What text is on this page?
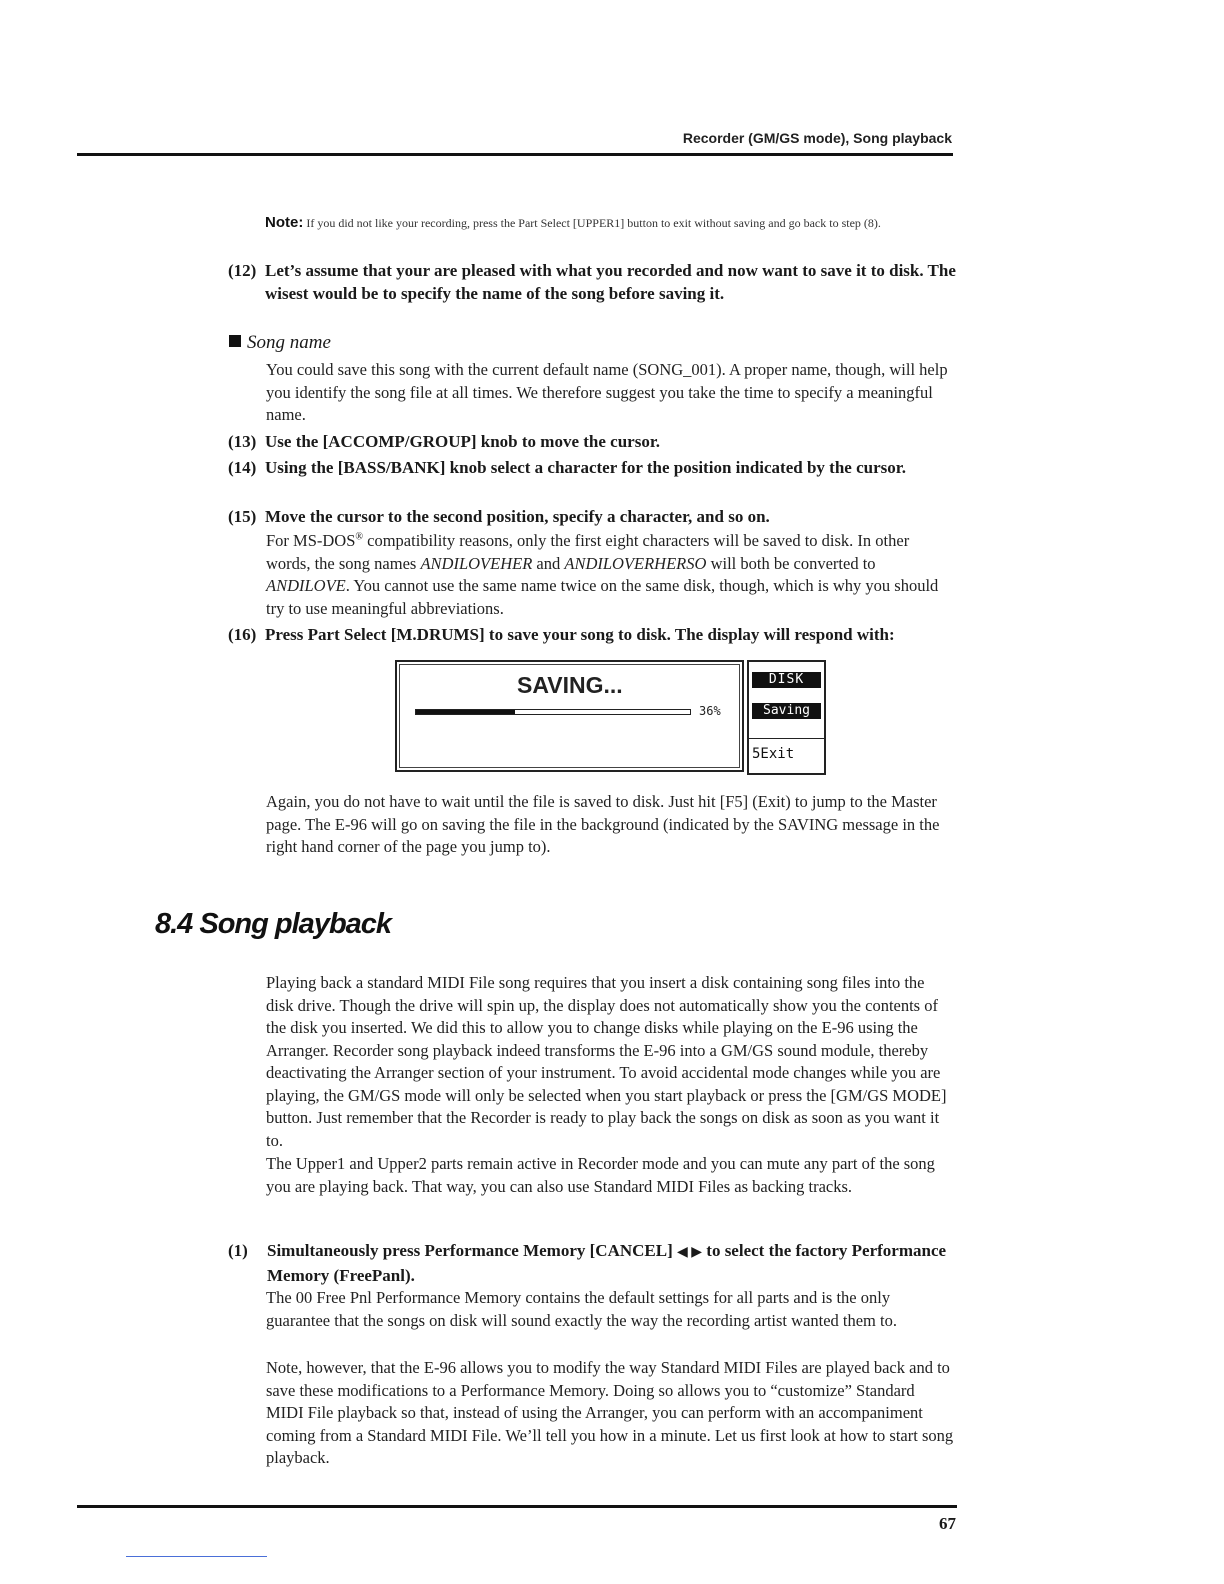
Recorder (GM/GS mode), Song playback
Note: If you did not like your recording, press the Part Select [UPPER1] button to exit without saving and go back to step (8).
(12) Let’s assume that your are pleased with what you recorded and now want to save it to disk. The wisest would be to specify the name of the song before saving it.
Song name
You could save this song with the current default name (SONG_001). A proper name, though, will help you identify the song file at all times. We therefore suggest you take the time to specify a meaningful name.
(13) Use the [ACCOMP/GROUP] knob to move the cursor.
(14) Using the [BASS/BANK] knob select a character for the position indicated by the cursor.
(15) Move the cursor to the second position, specify a character, and so on.
For MS-DOS® compatibility reasons, only the first eight characters will be saved to disk. In other words, the song names ANDILOVEHER and ANDILOVERHERSO will both be converted to ANDILOVE. You cannot use the same name twice on the same disk, though, which is why you should try to use meaningful abbreviations.
(16) Press Part Select [M.DRUMS] to save your song to disk. The display will respond with:
SAVING...
36%
DISK
Saving
5Exit
Again, you do not have to wait until the file is saved to disk. Just hit [F5] (Exit) to jump to the Master page. The E-96 will go on saving the file in the background (indicated by the SAVING message in the right hand corner of the page you jump to).
8.4 Song playback
Playing back a standard MIDI File song requires that you insert a disk containing song files into the disk drive. Though the drive will spin up, the display does not automatically show you the contents of the disk you inserted. We did this to allow you to change disks while playing on the E-96 using the Arranger. Recorder song playback indeed transforms the E-96 into a GM/GS sound module, thereby deactivating the Arranger section of your instrument. To avoid accidental mode changes while you are playing, the GM/GS mode will only be selected when you start playback or press the [GM/GS MODE] button. Just remember that the Recorder is ready to play back the songs on disk as soon as you want it to.
The Upper1 and Upper2 parts remain active in Recorder mode and you can mute any part of the song you are playing back. That way, you can also use Standard MIDI Files as backing tracks.
(1) Simultaneously press Performance Memory [CANCEL] ◀ ▶ to select the factory Performance Memory (FreePanl).
The 00 Free Pnl Performance Memory contains the default settings for all parts and is the only guarantee that the songs on disk will sound exactly the way the recording artist wanted them to.
Note, however, that the E-96 allows you to modify the way Standard MIDI Files are played back and to save these modifications to a Performance Memory. Doing so allows you to “customize” Standard MIDI File playback so that, instead of using the Arranger, you can perform with an accompaniment coming from a Standard MIDI File. We’ll tell you how in a minute. Let us first look at how to start song playback.
67
